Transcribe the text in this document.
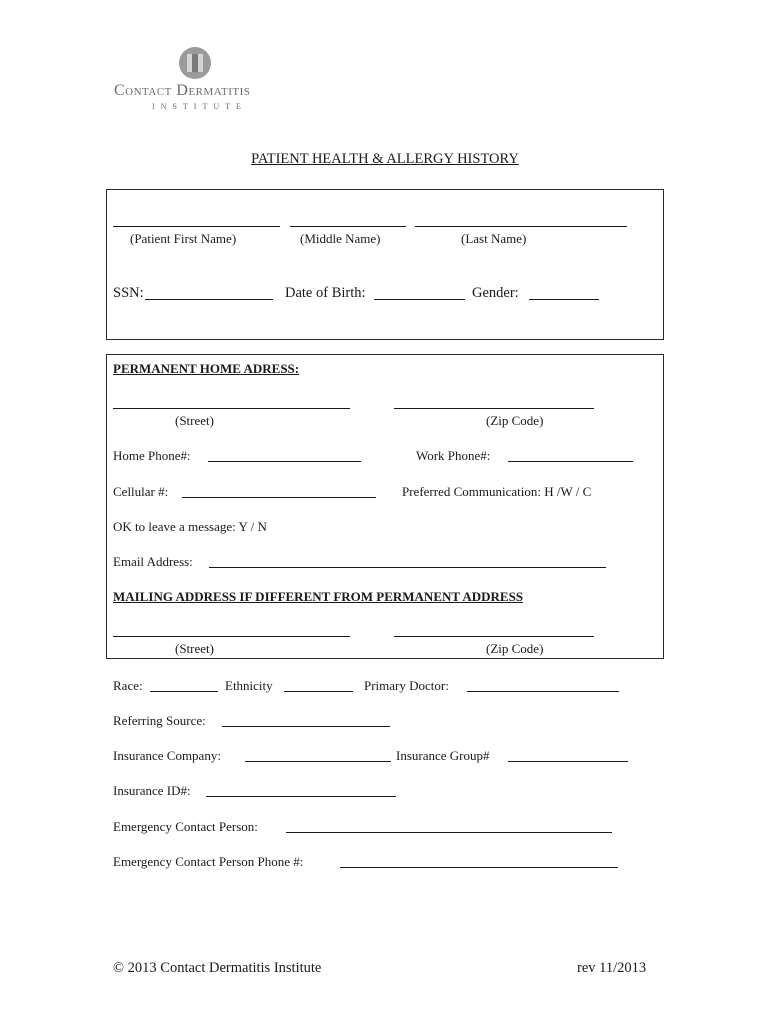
Contact Dermatitis
INSTITUTE
PATIENT HEALTH & ALLERGY HISTORY
(Patient First Name)	(Middle Name)	(Last Name)
SSN:	Date of Birth:	Gender:
PERMANENT HOME ADRESS:
(Street)	(Zip Code)
Home Phone#:	Work Phone#:
Cellular #:	Preferred Communication: H /W / C
OK to leave a message: Y / N
Email Address:
MAILING ADDRESS IF DIFFERENT FROM PERMANENT ADDRESS
(Street)	(Zip Code)
Race:	Ethnicity	Primary Doctor:
Referring Source:
Insurance Company:	Insurance Group#
Insurance ID#:
Emergency Contact Person:
Emergency Contact Person Phone #:
© 2013 Contact Dermatitis Institute	rev 11/2013
